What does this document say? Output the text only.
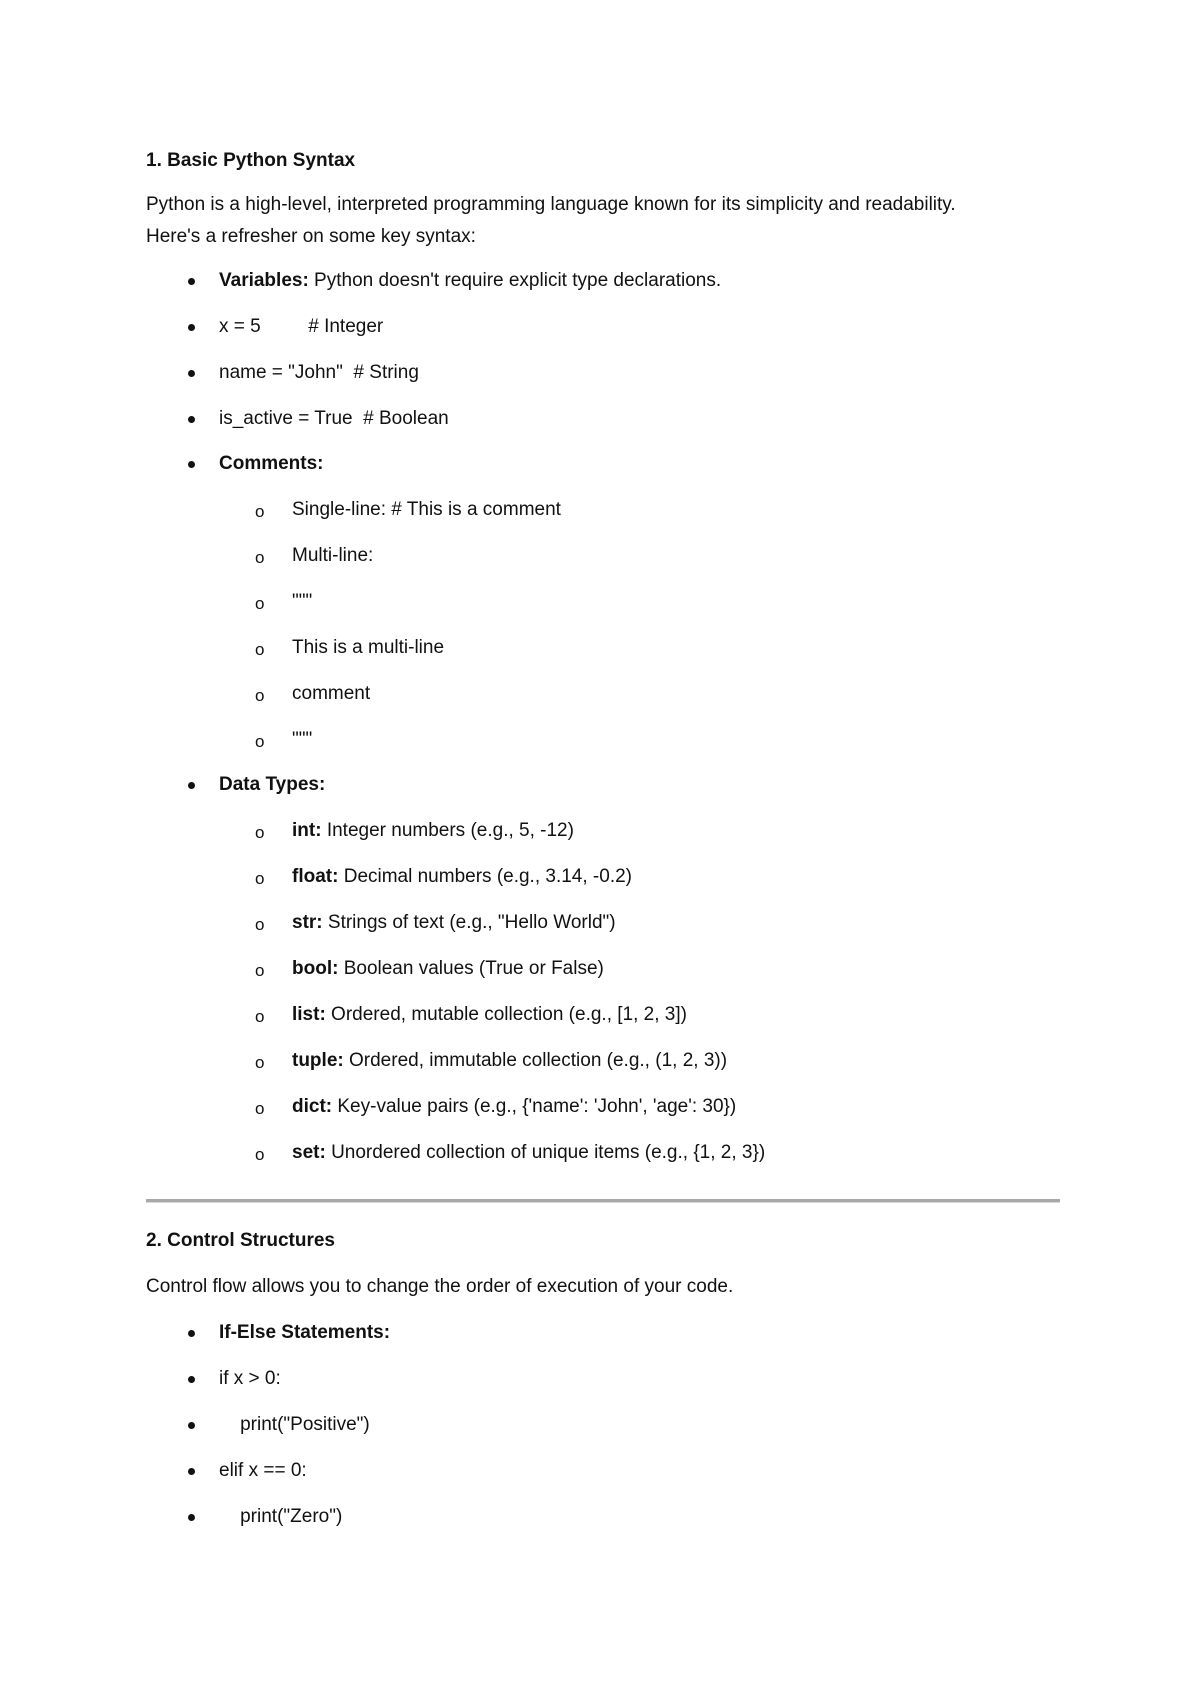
1. Basic Python Syntax
Python is a high-level, interpreted programming language known for its simplicity and readability.
Here's a refresher on some key syntax:
Variables: Python doesn't require explicit type declarations.
x = 5         # Integer
name = "John"  # String
is_active = True  # Boolean
Comments:
o Single-line: # This is a comment
o Multi-line:
o """
o This is a multi-line
o comment
o """
Data Types:
o int: Integer numbers (e.g., 5, -12)
o float: Decimal numbers (e.g., 3.14, -0.2)
o str: Strings of text (e.g., "Hello World")
o bool: Boolean values (True or False)
o list: Ordered, mutable collection (e.g., [1, 2, 3])
o tuple: Ordered, immutable collection (e.g., (1, 2, 3))
o dict: Key-value pairs (e.g., {'name': 'John', 'age': 30})
o set: Unordered collection of unique items (e.g., {1, 2, 3})
2. Control Structures
Control flow allows you to change the order of execution of your code.
If-Else Statements:
if x > 0:
print("Positive")
elif x == 0:
print("Zero")
